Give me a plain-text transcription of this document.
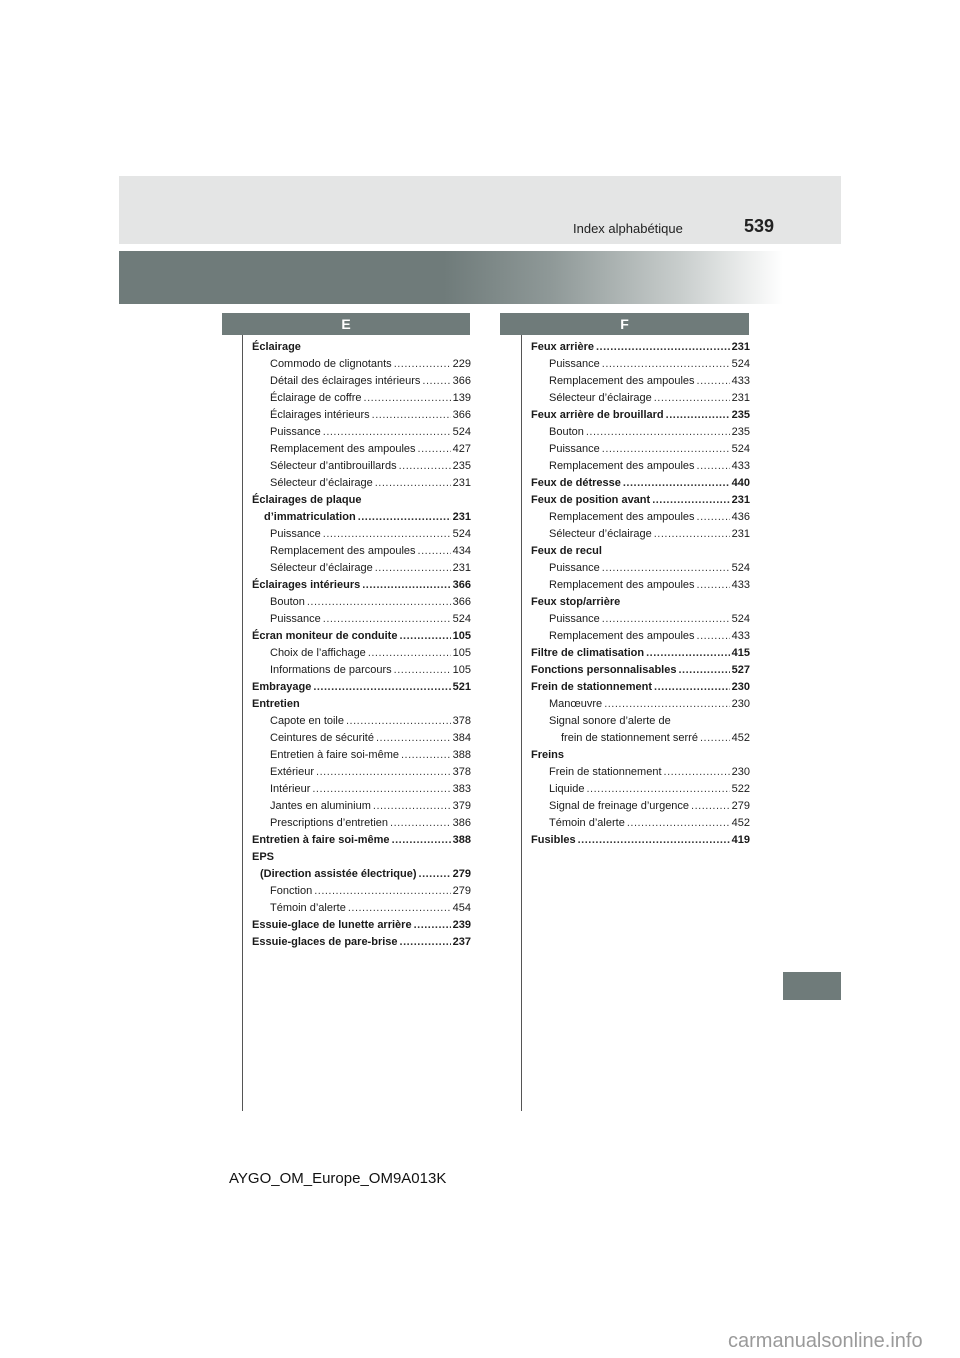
Index alphabétique	539
E	F
Éclairage
Commodo de clignotants .....	229
Détail des éclairages intérieurs .....	366
Éclairage de coffre .....	139
Éclairages intérieurs .....	366
Puissance .....	524
Remplacement des ampoules .....	427
Sélecteur d’antibrouillards .....	235
Sélecteur d’éclairage .....	231
Éclairages de plaque
d’immatriculation .....	231
Puissance .....	524
Remplacement des ampoules .....	434
Sélecteur d’éclairage .....	231
Éclairages intérieurs .....	366
Bouton .....	366
Puissance .....	524
Écran moniteur de conduite .....	105
Choix de l’affichage .....	105
Informations de parcours .....	105
Embrayage .....	521
Entretien
Capote en toile .....	378
Ceintures de sécurité .....	384
Entretien à faire soi-même .....	388
Extérieur .....	378
Intérieur .....	383
Jantes en aluminium .....	379
Prescriptions d’entretien .....	386
Entretien à faire soi-même .....	388
EPS
(Direction assistée électrique) .....	279
Fonction .....	279
Témoin d’alerte .....	454
Essuie-glace de lunette arrière .....	239
Essuie-glaces de pare-brise .....	237
Feux arrière .....	231
Puissance .....	524
Remplacement des ampoules .....	433
Sélecteur d’éclairage .....	231
Feux arrière de brouillard .....	235
Bouton .....	235
Puissance .....	524
Remplacement des ampoules .....	433
Feux de détresse .....	440
Feux de position avant .....	231
Remplacement des ampoules .....	436
Sélecteur d’éclairage .....	231
Feux de recul
Puissance .....	524
Remplacement des ampoules .....	433
Feux stop/arrière
Puissance .....	524
Remplacement des ampoules .....	433
Filtre de climatisation .....	415
Fonctions personnalisables .....	527
Frein de stationnement .....	230
Manœuvre .....	230
Signal sonore d’alerte de
frein de stationnement serré .....	452
Freins
Frein de stationnement .....	230
Liquide .....	522
Signal de freinage d’urgence .....	279
Témoin d’alerte .....	452
Fusibles .....	419
AYGO_OM_Europe_OM9A013K
carmanualsonline.info
